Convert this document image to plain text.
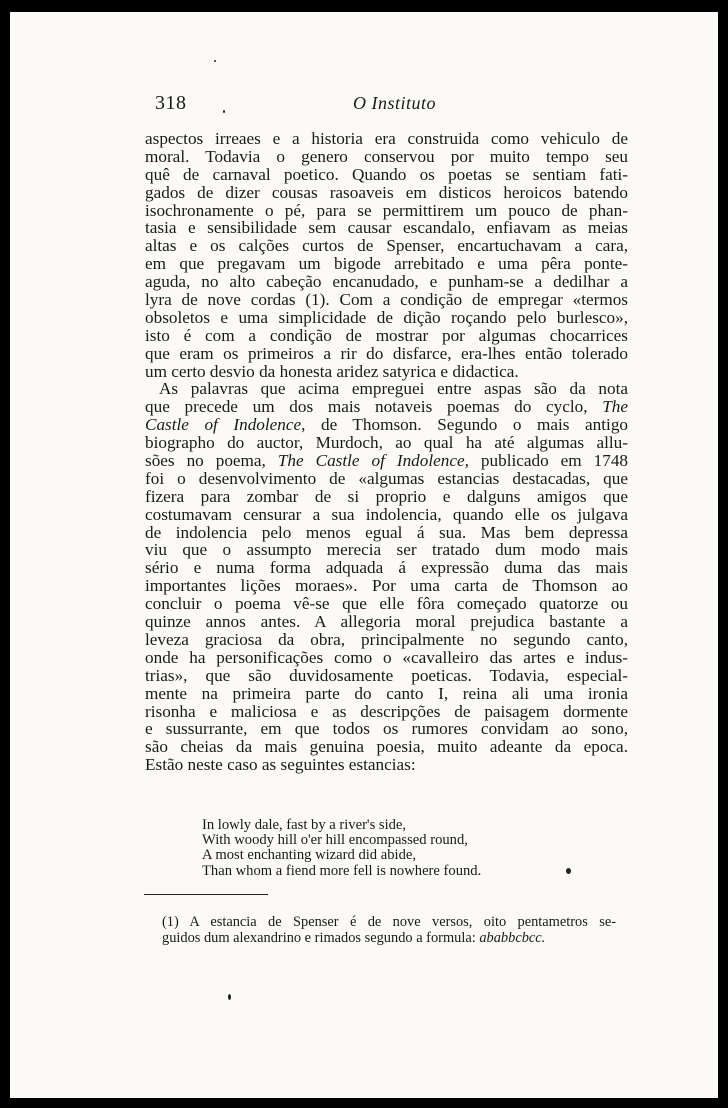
318	O Instituto
aspectos irreaes e a historia era construida como vehiculo de
moral. Todavia o genero conservou por muito tempo seu
quê de carnaval poetico. Quando os poetas se sentiam fati-
gados de dizer cousas rasoaveis em disticos heroicos batendo
isochronamente o pé, para se permittirem um pouco de phan-
tasia e sensibilidade sem causar escandalo, enfiavam as meias
altas e os calções curtos de Spenser, encartuchavam a cara,
em que pregavam um bigode arrebitado e uma pêra ponte-
aguda, no alto cabeção encanudado, e punham-se a dedilhar a
lyra de nove cordas (1). Com a condição de empregar «termos
obsoletos e uma simplicidade de dição roçando pelo burlesco»,
isto é com a condição de mostrar por algumas chocarrices
que eram os primeiros a rir do disfarce, era-lhes então tolerado
um certo desvio da honesta aridez satyrica e didactica.
As palavras que acima empreguei entre aspas são da nota
que precede um dos mais notaveis poemas do cyclo, The
Castle of Indolence, de Thomson. Segundo o mais antigo
biographo do auctor, Murdoch, ao qual ha até algumas allu-
sões no poema, The Castle of Indolence, publicado em 1748
foi o desenvolvimento de «algumas estancias destacadas, que
fizera para zombar de si proprio e dalguns amigos que
costumavam censurar a sua indolencia, quando elle os julgava
de indolencia pelo menos egual á sua. Mas bem depressa
viu que o assumpto merecia ser tratado dum modo mais
sério e numa forma adquada á expressão duma das mais
importantes lições moraes». Por uma carta de Thomson ao
concluir o poema vê-se que elle fôra começado quatorze ou
quinze annos antes. A allegoria moral prejudica bastante a
leveza graciosa da obra, principalmente no segundo canto,
onde ha personificações como o «cavalleiro das artes e indus-
trias», que são duvidosamente poeticas. Todavia, especial-
mente na primeira parte do canto I, reina ali uma ironia
risonha e maliciosa e as descripções de paisagem dormente
e sussurrante, em que todos os rumores convidam ao sono,
são cheias da mais genuina poesia, muito adeante da epoca.
Estão neste caso as seguintes estancias:
In lowly dale, fast by a river's side,
With woody hill o'er hill encompassed round,
A most enchanting wizard did abide,
Than whom a fiend more fell is nowhere found.
(1) A estancia de Spenser é de nove versos, oito pentametros se-
guidos dum alexandrino e rimados segundo a formula: ababbcbcc.
